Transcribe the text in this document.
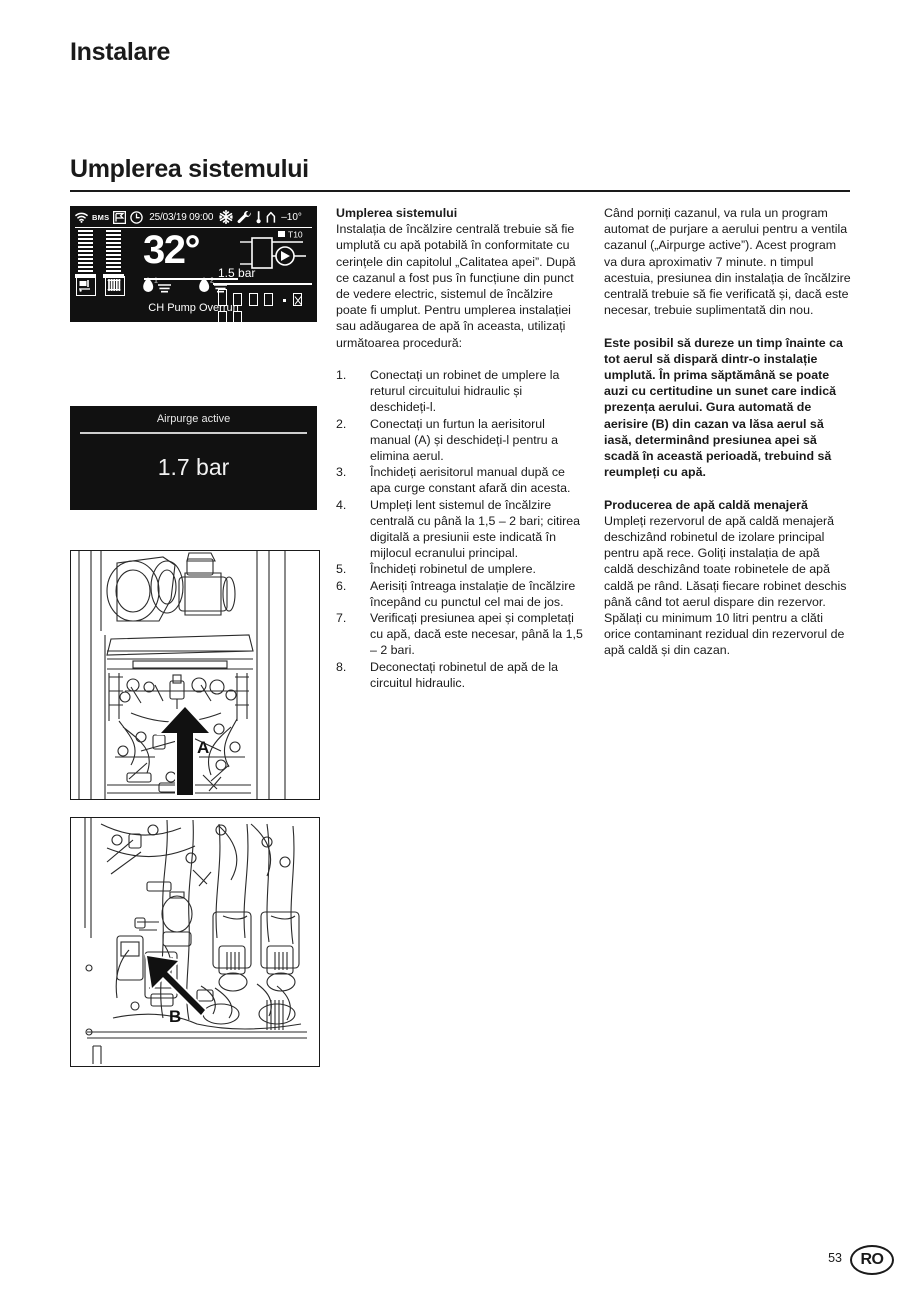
Instalare
Umplerea sistemului
BMS	25/03/19 09:00	–10°

32°
1.5 bar
1
	2
T10

CH Pump Overrun
Airpurge active
1.7 bar
A
B
Umplerea sistemului
Instalația de încălzire centrală trebuie să fie umplută cu apă potabilă în conformitate cu cerințele din capitolul „Calitatea apei”. După ce cazanul a fost pus în funcțiune din punct de vedere electric, sistemul de încălzire poate fi umplut. Pentru umplerea instalației sau adăugarea de apă în aceasta, utilizați următoarea procedură:
1.	Conectați un robinet de umplere la returul circuitului hidraulic și deschideți-l.
2.	Conectați un furtun la aerisitorul manual (A) și deschideți-l pentru a elimina aerul.
3.	Închideți aerisitorul manual după ce apa curge constant afară din acesta.
4.	Umpleți lent sistemul de încălzire centrală cu până la 1,5 – 2 bari; citirea digitală a presiunii este indicată în mijlocul ecranului principal.
5.	Închideți robinetul de umplere.
6.	Aerisiți întreaga instalație de încălzire începând cu punctul cel mai de jos.
7.	Verificați presiunea apei și completați cu apă, dacă este necesar, până la 1,5 – 2 bari.
8.	Deconectați robinetul de apă de la circuitul hidraulic.
Când porniți cazanul, va rula un program automat de purjare a aerului pentru a ventila cazanul („Airpurge active”). Acest program va dura aproximativ 7 minute. n timpul acestuia, presiunea din instalația de încălzire centrală trebuie să fie verificată și, dacă este necesar, trebuie suplimentată din nou.
Este posibil să dureze un timp înainte ca tot aerul să dispară dintr-o instalație umplută. În prima săptămână se poate auzi cu certitudine un sunet care indică prezența aerului. Gura automată de aerisire (B) din cazan va lăsa aerul să iasă, determinând presiunea apei să scadă în această perioadă, trebuind să reumpleți cu apă.
Producerea de apă caldă menajeră
Umpleți rezervorul de apă caldă menajeră deschizând robinetul de izolare principal pentru apă rece. Goliți instalația de apă caldă deschizând toate robinetele de apă caldă pe rând. Lăsați fiecare robinet deschis până când tot aerul dispare din rezervor.
Spălați cu minimum 10 litri pentru a clăti orice contaminant rezidual din rezervorul de apă caldă și din cazan.
53	RO
